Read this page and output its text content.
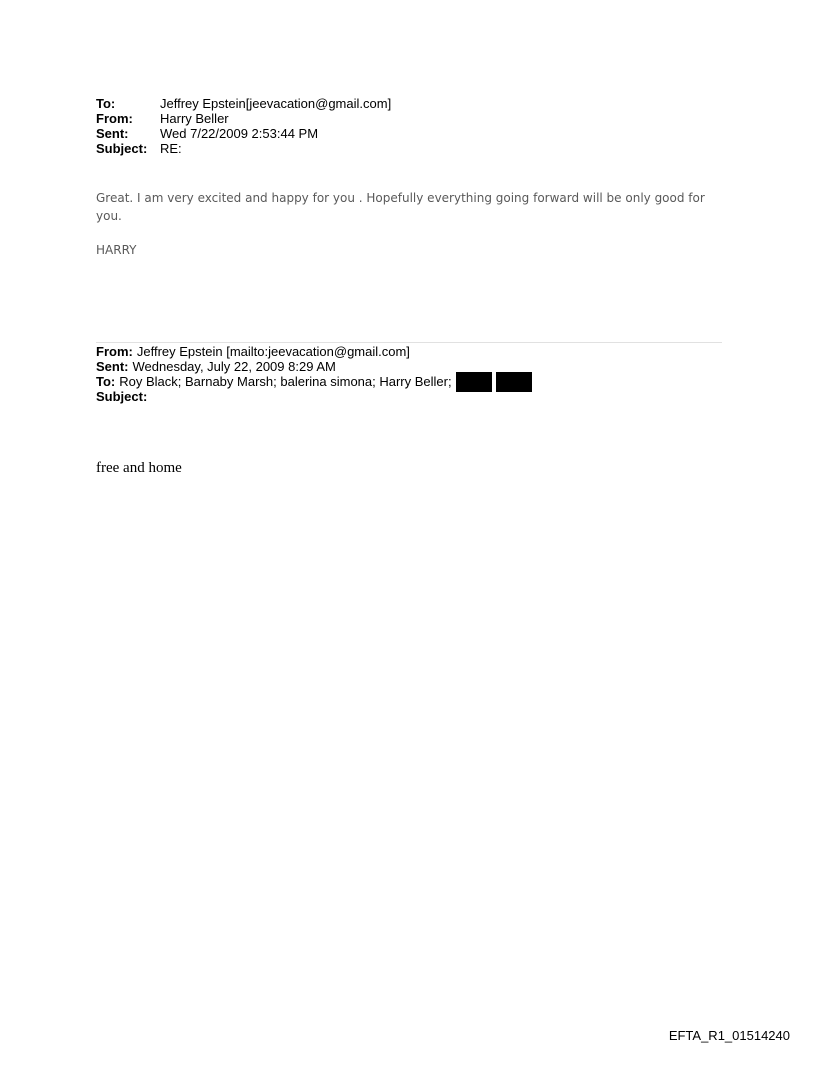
To:	Jeffrey Epstein[jeevacation@gmail.com]
From:	Harry Beller
Sent:	Wed 7/22/2009 2:53:44 PM
Subject: RE:

Great. I am very excited and happy for you . Hopefully everything going forward will be only good for you.

HARRY
From: Jeffrey Epstein [mailto:jeevacation@gmail.com]
Sent: Wednesday, July 22, 2009 8:29 AM
To: Roy Black; Barnaby Marsh; balerina simona; Harry Beller;
Subject:
free and home
EFTA_R1_01514240
